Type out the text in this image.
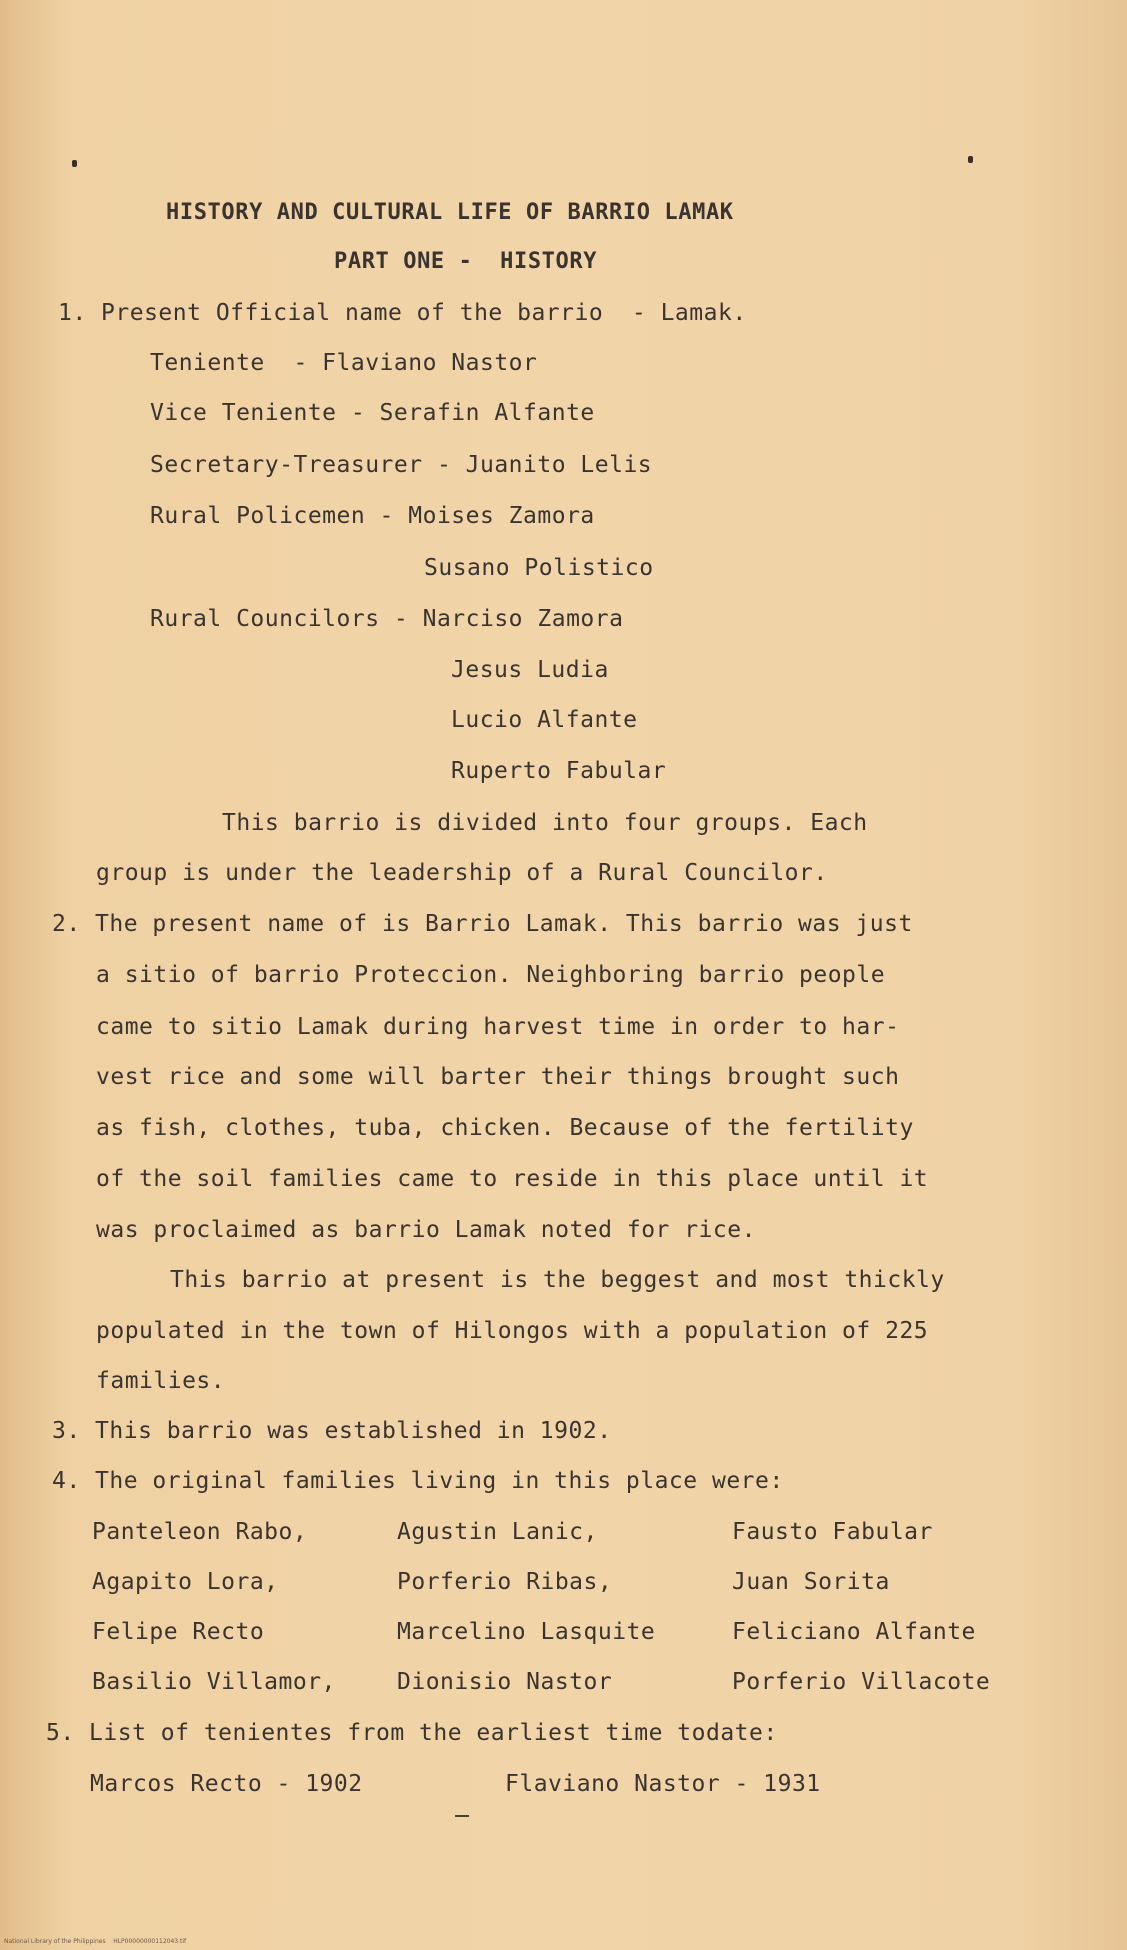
HISTORY AND CULTURAL LIFE OF BARRIO LAMAK
PART ONE -  HISTORY
1. Present Official name of the barrio  - Lamak.
Teniente  - Flaviano Nastor
Vice Teniente - Serafin Alfante
Secretary-Treasurer - Juanito Lelis
Rural Policemen - Moises Zamora
Susano Polistico
Rural Councilors - Narciso Zamora
Jesus Ludia
Lucio Alfante
Ruperto Fabular
This barrio is divided into four groups. Each
group is under the leadership of a Rural Councilor.
2. The present name of is Barrio Lamak. This barrio was just
a sitio of barrio Proteccion. Neighboring barrio people
came to sitio Lamak during harvest time in order to har-
vest rice and some will barter their things brought such
as fish, clothes, tuba, chicken. Because of the fertility
of the soil families came to reside in this place until it
was proclaimed as barrio Lamak noted for rice.
This barrio at present is the beggest and most thickly
populated in the town of Hilongos with a population of 225
families.
3. This barrio was established in 1902.
4. The original families living in this place were:
Panteleon Rabo,	Agustin Lanic,	Fausto Fabular
Agapito Lora,	Porferio Ribas,	Juan Sorita
Felipe Recto	Marcelino Lasquite	Feliciano Alfante
Basilio Villamor,	Dionisio Nastor	Porferio Villacote
5. List of tenientes from the earliest time todate:
Marcos Recto - 1902	Flaviano Nastor - 1931
National Library of the Philippines    HLP00000000112043.tif
